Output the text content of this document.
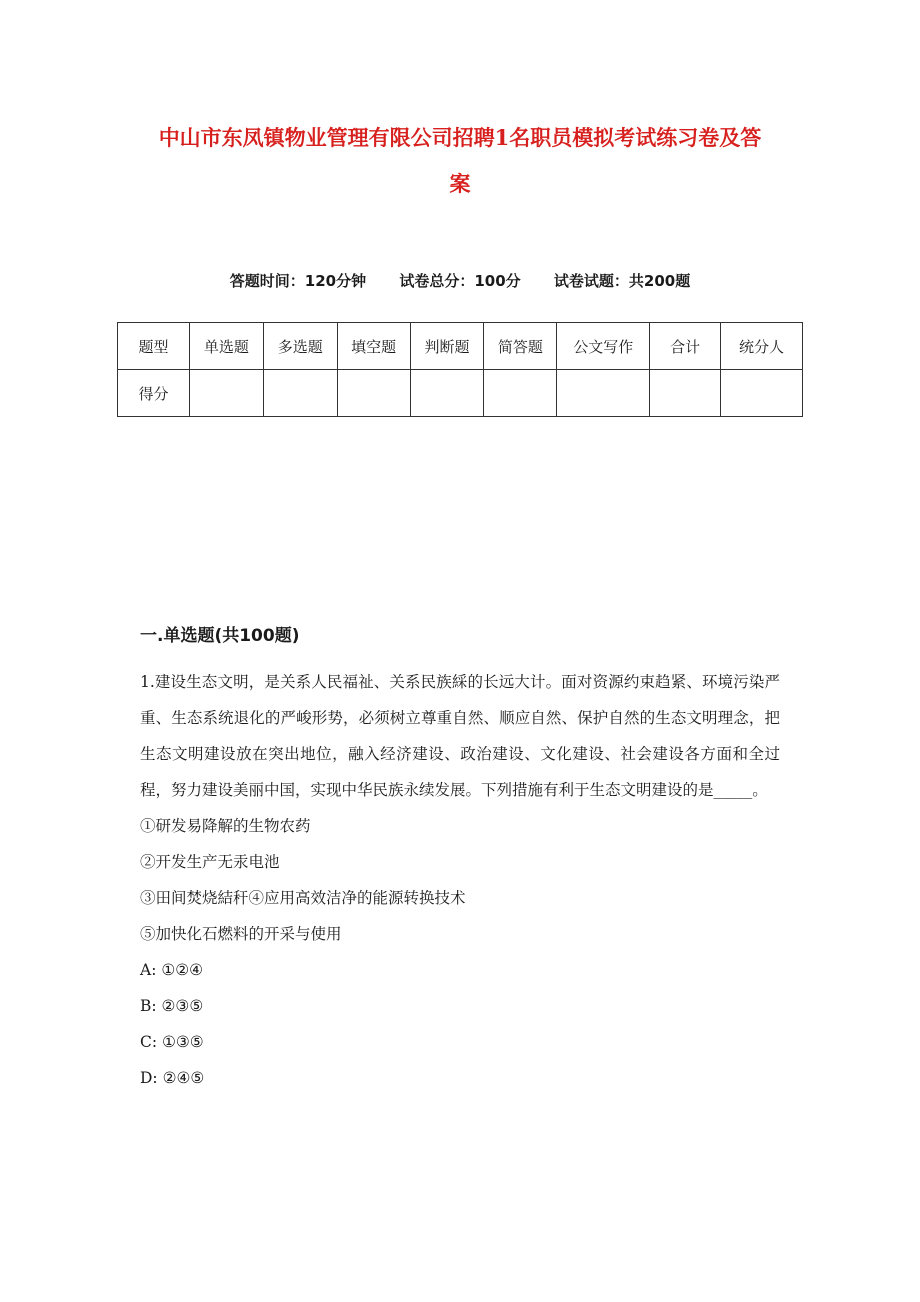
中山市东凤镇物业管理有限公司招聘1名职员模拟考试练习卷及答
案
答题时间：120分钟 试卷总分：100分 试卷试题：共200题
题型	单选题	多选题	填空题	判断题	简答题	公文写作	合计	统分人
得分								
一.单选题(共100题)

1.建设生态文明，是关系人民福祉、关系民族綵的长远大计。面对资源约束趋紧、环境污染严重、生态系统退化的严峻形势，必须树立尊重自然、顺应自然、保护自然的生态文明理念，把生态文明建设放在突出地位，融入经济建设、政治建设、文化建设、社会建设各方面和全过程，努力建设美丽中国，实现中华民族永续发展。下列措施有利于生态文明建设的是_____。

①研发易降解的生物农药

②开发生产无汞电池

③田间焚烧結秆④应用高效洁净的能源转换技术

⑤加快化石燃料的开采与使用

A: ①②④

B: ②③⑤

C: ①③⑤

D: ②④⑤
